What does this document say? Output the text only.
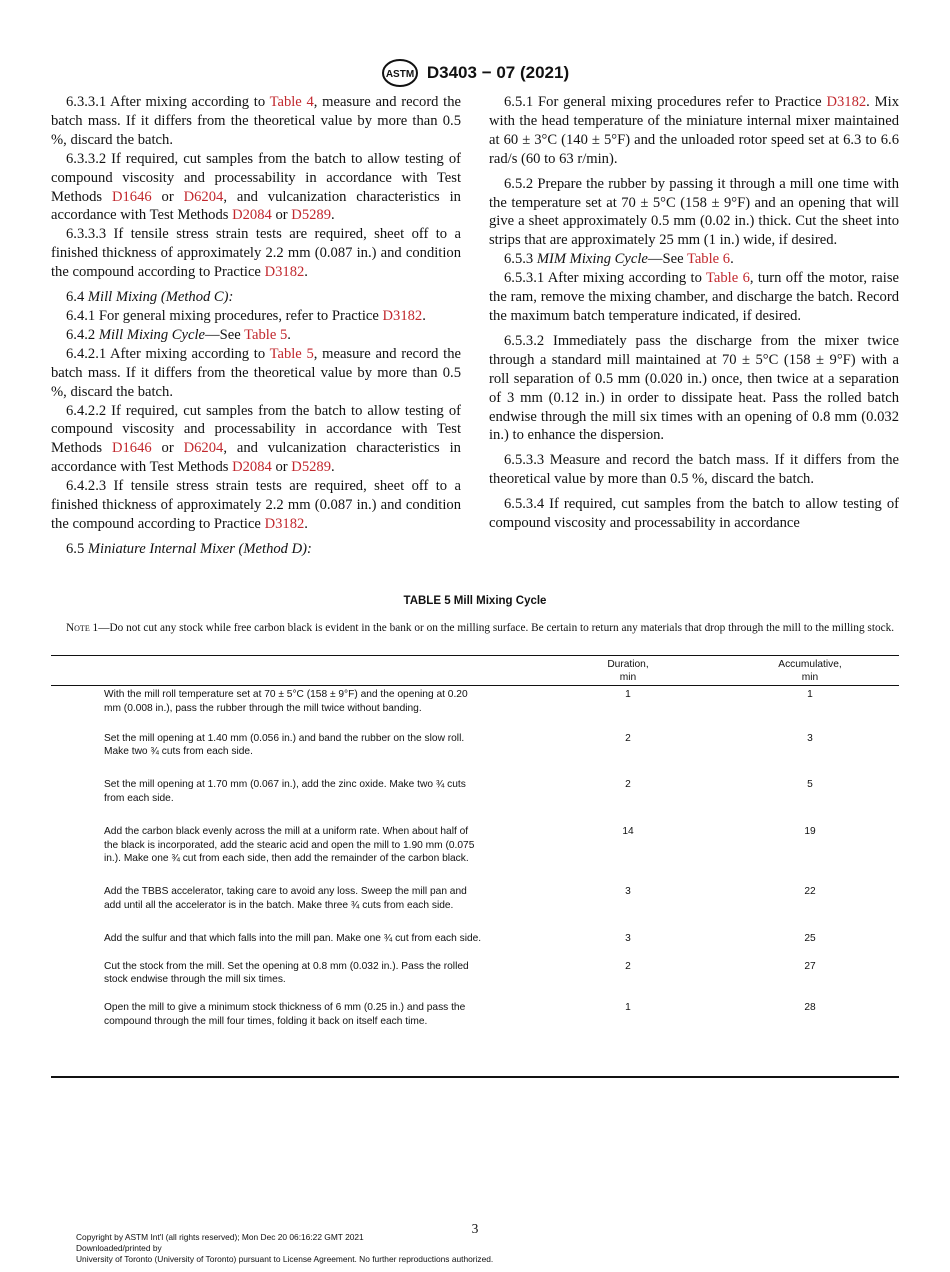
ASTM D3403 − 07 (2021)

6.3.3.1 After mixing according to Table 4, measure and record the batch mass. If it differs from the theoretical value by more than 0.5 %, discard the batch.

6.3.3.2 If required, cut samples from the batch to allow testing of compound viscosity and processability in accordance with Test Methods D1646 or D6204, and vulcanization characteristics in accordance with Test Methods D2084 or D5289.

6.3.3.3 If tensile stress strain tests are required, sheet off to a finished thickness of approximately 2.2 mm (0.087 in.) and condition the compound according to Practice D3182.

6.4 Mill Mixing (Method C):

6.4.1 For general mixing procedures, refer to Practice D3182.

6.4.2 Mill Mixing Cycle—See Table 5.

6.4.2.1 After mixing according to Table 5, measure and record the batch mass. If it differs from the theoretical value by more than 0.5 %, discard the batch.

6.4.2.2 If required, cut samples from the batch to allow testing of compound viscosity and processability in accordance with Test Methods D1646 or D6204, and vulcanization characteristics in accordance with Test Methods D2084 or D5289.

6.4.2.3 If tensile stress strain tests are required, sheet off to a finished thickness of approximately 2.2 mm (0.087 in.) and condition the compound according to Practice D3182.

6.5 Miniature Internal Mixer (Method D):

6.5.1 For general mixing procedures refer to Practice D3182. Mix with the head temperature of the miniature internal mixer maintained at 60 ± 3°C (140 ± 5°F) and the unloaded rotor speed set at 6.3 to 6.6 rad/s (60 to 63 r/min).

6.5.2 Prepare the rubber by passing it through a mill one time with the temperature set at 70 ± 5°C (158 ± 9°F) and an opening that will give a sheet approximately 0.5 mm (0.02 in.) thick. Cut the sheet into strips that are approximately 25 mm (1 in.) wide, if desired.

6.5.3 MIM Mixing Cycle—See Table 6.

6.5.3.1 After mixing according to Table 6, turn off the motor, raise the ram, remove the mixing chamber, and discharge the batch. Record the maximum batch temperature indicated, if desired.

6.5.3.2 Immediately pass the discharge from the mixer twice through a standard mill maintained at 70 ± 5°C (158 ± 9°F) with a roll separation of 0.5 mm (0.020 in.) once, then twice at a separation of 3 mm (0.12 in.) in order to dissipate heat. Pass the rolled batch endwise through the mill six times with an opening of 0.8 mm (0.032 in.) to enhance the dispersion.

6.5.3.3 Measure and record the batch mass. If it differs from the theoretical value by more than 0.5 %, discard the batch.

6.5.3.4 If required, cut samples from the batch to allow testing of compound viscosity and processability in accordance

TABLE 5 Mill Mixing Cycle
Note 1—Do not cut any stock while free carbon black is evident in the bank or on the milling surface. Be certain to return any materials that drop through the mill to the milling stock.
Duration,
min
Accumulative,
min
With the mill roll temperature set at 70 ± 5°C (158 ± 9°F) and the opening at 0.20 mm (0.008 in.), pass the rubber through the mill twice without banding.
1	1
Set the mill opening at 1.40 mm (0.056 in.) and band the rubber on the slow roll. Make two ¾ cuts from each side.
2	3
Set the mill opening at 1.70 mm (0.067 in.), add the zinc oxide. Make two ¾ cuts from each side.
2	5
Add the carbon black evenly across the mill at a uniform rate. When about half of the black is incorporated, add the stearic acid and open the mill to 1.90 mm (0.075 in.). Make one ¾ cut from each side, then add the remainder of the carbon black.
14	19
Add the TBBS accelerator, taking care to avoid any loss. Sweep the mill pan and add until all the accelerator is in the batch. Make three ¾ cuts from each side.
3	22
Add the sulfur and that which falls into the mill pan. Make one ¾ cut from each side.	3	25
Cut the stock from the mill. Set the opening at 0.8 mm (0.032 in.). Pass the rolled stock endwise through the mill six times.
2	27
Open the mill to give a minimum stock thickness of 6 mm (0.25 in.) and pass the compound through the mill four times, folding it back on itself each time.
1	28
3
Copyright by ASTM Int'l (all rights reserved); Mon Dec 20 06:16:22 GMT 2021
Downloaded/printed by
University of Toronto (University of Toronto) pursuant to License Agreement. No further reproductions authorized.
